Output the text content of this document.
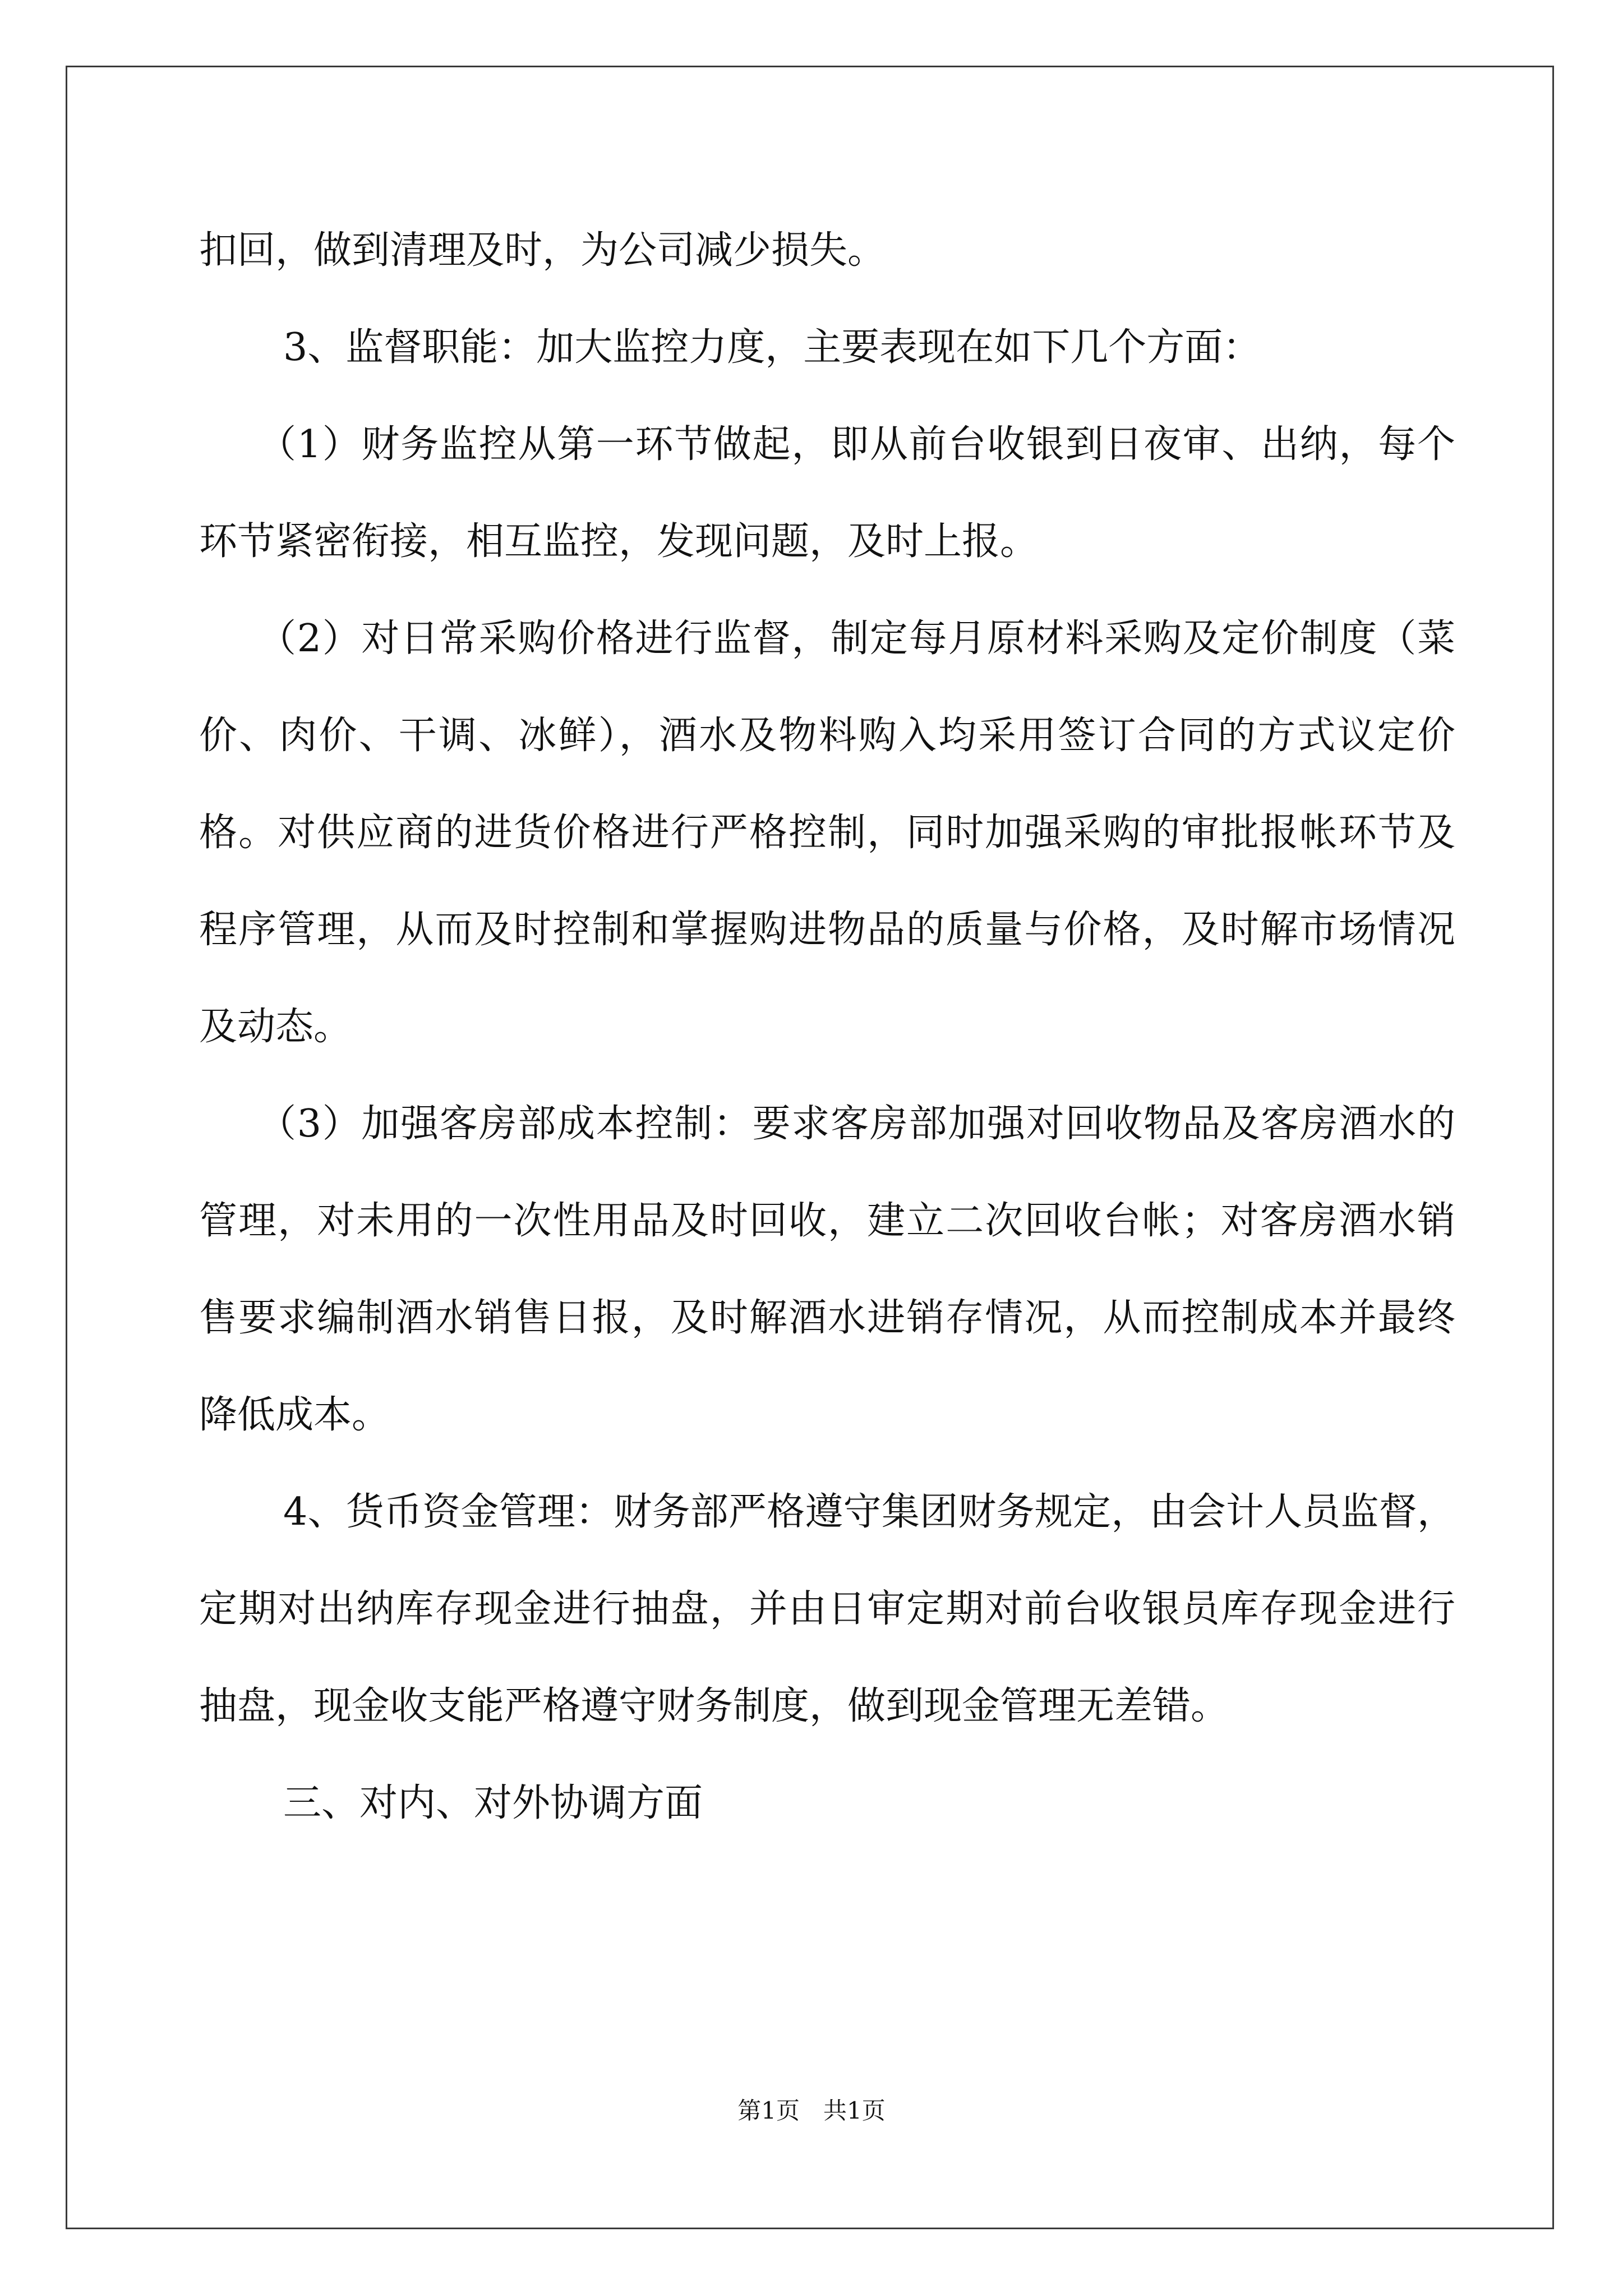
扣回，做到清理及时，为公司减少损失。

3、监督职能：加大监控力度，主要表现在如下几个方面：

（1）财务监控从第一环节做起，即从前台收银到日夜审、出纳，每个环节紧密衔接，相互监控，发现问题，及时上报。

（2）对日常采购价格进行监督，制定每月原材料采购及定价制度（菜价、肉价、干调、冰鲜），酒水及物料购入均采用签订合同的方式议定价格。对供应商的进货价格进行严格控制，同时加强采购的审批报帐环节及程序管理，从而及时控制和掌握购进物品的质量与价格，及时解市场情况及动态。

（3）加强客房部成本控制：要求客房部加强对回收物品及客房酒水的管理，对未用的一次性用品及时回收，建立二次回收台帐；对客房酒水销售要求编制酒水销售日报，及时解酒水进销存情况，从而控制成本并最终降低成本。

4、货币资金管理：财务部严格遵守集团财务规定，由会计人员监督，定期对出纳库存现金进行抽盘，并由日审定期对前台收银员库存现金进行抽盘，现金收支能严格遵守财务制度，做到现金管理无差错。

三、对内、对外协调方面

第1页　共1页
